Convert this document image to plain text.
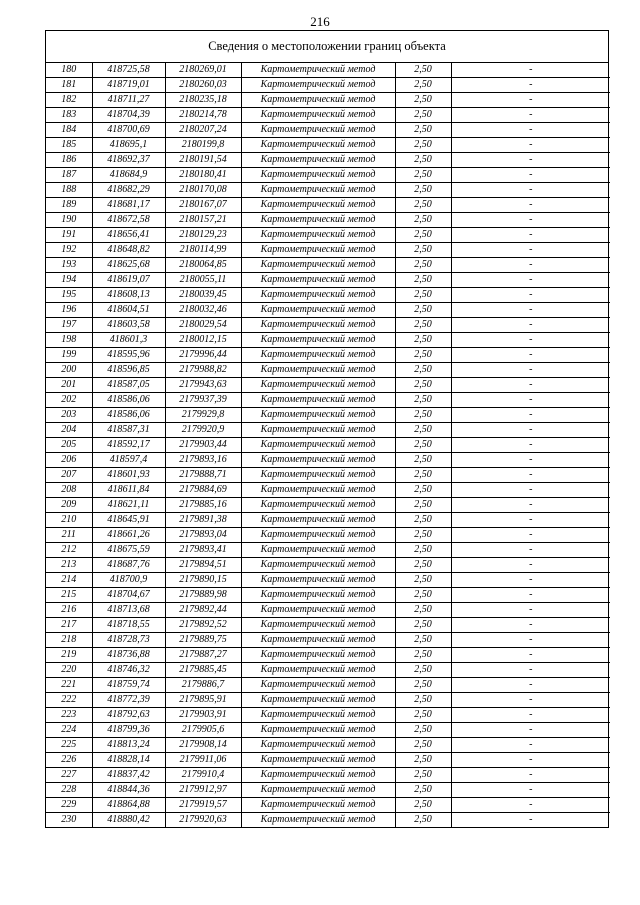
216
Сведения о местоположении границ объекта
180	418725,58	2180269,01	Картометрический метод	2,50	-
181	418719,01	2180260,03	Картометрический метод	2,50	-
182	418711,27	2180235,18	Картометрический метод	2,50	-
183	418704,39	2180214,78	Картометрический метод	2,50	-
184	418700,69	2180207,24	Картометрический метод	2,50	-
185	418695,1	2180199,8	Картометрический метод	2,50	-
186	418692,37	2180191,54	Картометрический метод	2,50	-
187	418684,9	2180180,41	Картометрический метод	2,50	-
188	418682,29	2180170,08	Картометрический метод	2,50	-
189	418681,17	2180167,07	Картометрический метод	2,50	-
190	418672,58	2180157,21	Картометрический метод	2,50	-
191	418656,41	2180129,23	Картометрический метод	2,50	-
192	418648,82	2180114,99	Картометрический метод	2,50	-
193	418625,68	2180064,85	Картометрический метод	2,50	-
194	418619,07	2180055,11	Картометрический метод	2,50	-
195	418608,13	2180039,45	Картометрический метод	2,50	-
196	418604,51	2180032,46	Картометрический метод	2,50	-
197	418603,58	2180029,54	Картометрический метод	2,50	-
198	418601,3	2180012,15	Картометрический метод	2,50	-
199	418595,96	2179996,44	Картометрический метод	2,50	-
200	418596,85	2179988,82	Картометрический метод	2,50	-
201	418587,05	2179943,63	Картометрический метод	2,50	-
202	418586,06	2179937,39	Картометрический метод	2,50	-
203	418586,06	2179929,8	Картометрический метод	2,50	-
204	418587,31	2179920,9	Картометрический метод	2,50	-
205	418592,17	2179903,44	Картометрический метод	2,50	-
206	418597,4	2179893,16	Картометрический метод	2,50	-
207	418601,93	2179888,71	Картометрический метод	2,50	-
208	418611,84	2179884,69	Картометрический метод	2,50	-
209	418621,11	2179885,16	Картометрический метод	2,50	-
210	418645,91	2179891,38	Картометрический метод	2,50	-
211	418661,26	2179893,04	Картометрический метод	2,50	-
212	418675,59	2179893,41	Картометрический метод	2,50	-
213	418687,76	2179894,51	Картометрический метод	2,50	-
214	418700,9	2179890,15	Картометрический метод	2,50	-
215	418704,67	2179889,98	Картометрический метод	2,50	-
216	418713,68	2179892,44	Картометрический метод	2,50	-
217	418718,55	2179892,52	Картометрический метод	2,50	-
218	418728,73	2179889,75	Картометрический метод	2,50	-
219	418736,88	2179887,27	Картометрический метод	2,50	-
220	418746,32	2179885,45	Картометрический метод	2,50	-
221	418759,74	2179886,7	Картометрический метод	2,50	-
222	418772,39	2179895,91	Картометрический метод	2,50	-
223	418792,63	2179903,91	Картометрический метод	2,50	-
224	418799,36	2179905,6	Картометрический метод	2,50	-
225	418813,24	2179908,14	Картометрический метод	2,50	-
226	418828,14	2179911,06	Картометрический метод	2,50	-
227	418837,42	2179910,4	Картометрический метод	2,50	-
228	418844,36	2179912,97	Картометрический метод	2,50	-
229	418864,88	2179919,57	Картометрический метод	2,50	-
230	418880,42	2179920,63	Картометрический метод	2,50	-
